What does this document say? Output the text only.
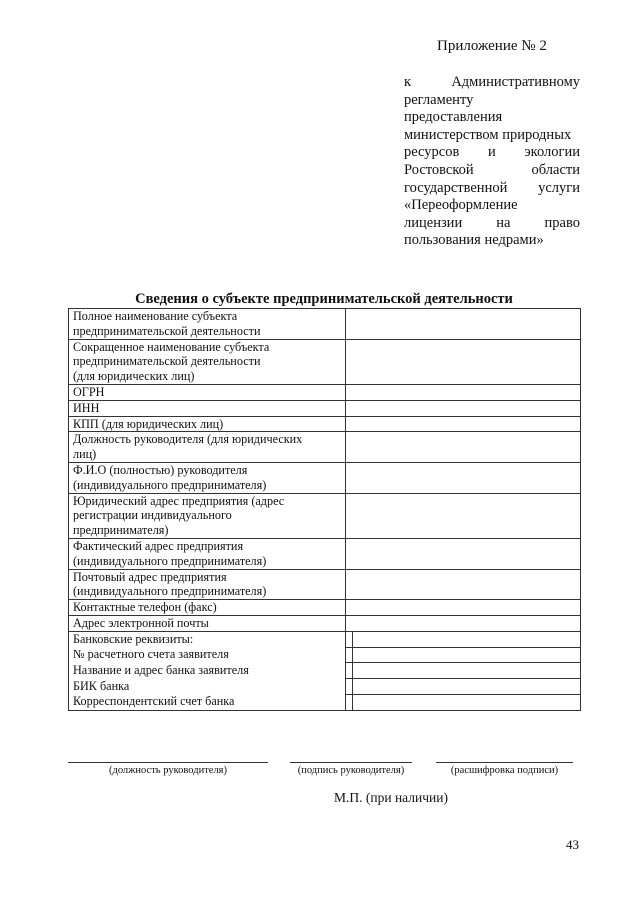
Приложение № 2
к	Административному
регламенту
предоставления
министерством природных
ресурсов и экологии
Ростовской	области
государственной услуги
«Переоформление
лицензии на право
пользования недрами»
Сведения о субъекте предпринимательской деятельности
Полное наименование субъекта
предпринимательской деятельности	

Сокращенное наименование субъекта
предпринимательской деятельности
(для юридических лиц)	

ОГРН	

ИНН	

КПП (для юридических лиц)	

Должность руководителя (для юридических
лиц)	

Ф.И.О (полностью) руководителя
(индивидуального предпринимателя)	

Юридический адрес предприятия (адрес
регистрации индивидуального
предпринимателя)	

Фактический адрес предприятия
(индивидуального предпринимателя)	

Почтовый адрес предприятия
(индивидуального предпринимателя)	

Контактные телефон (факс)	

Адрес электронной почты	

Банковские реквизиты:	

№ расчетного счета заявителя	

Название и адрес банка заявителя	

БИК банка	

Корреспондентский счет банка	
(должность руководителя)	(подпись руководителя)	(расшифровка подписи)
М.П. (при наличии)
43
